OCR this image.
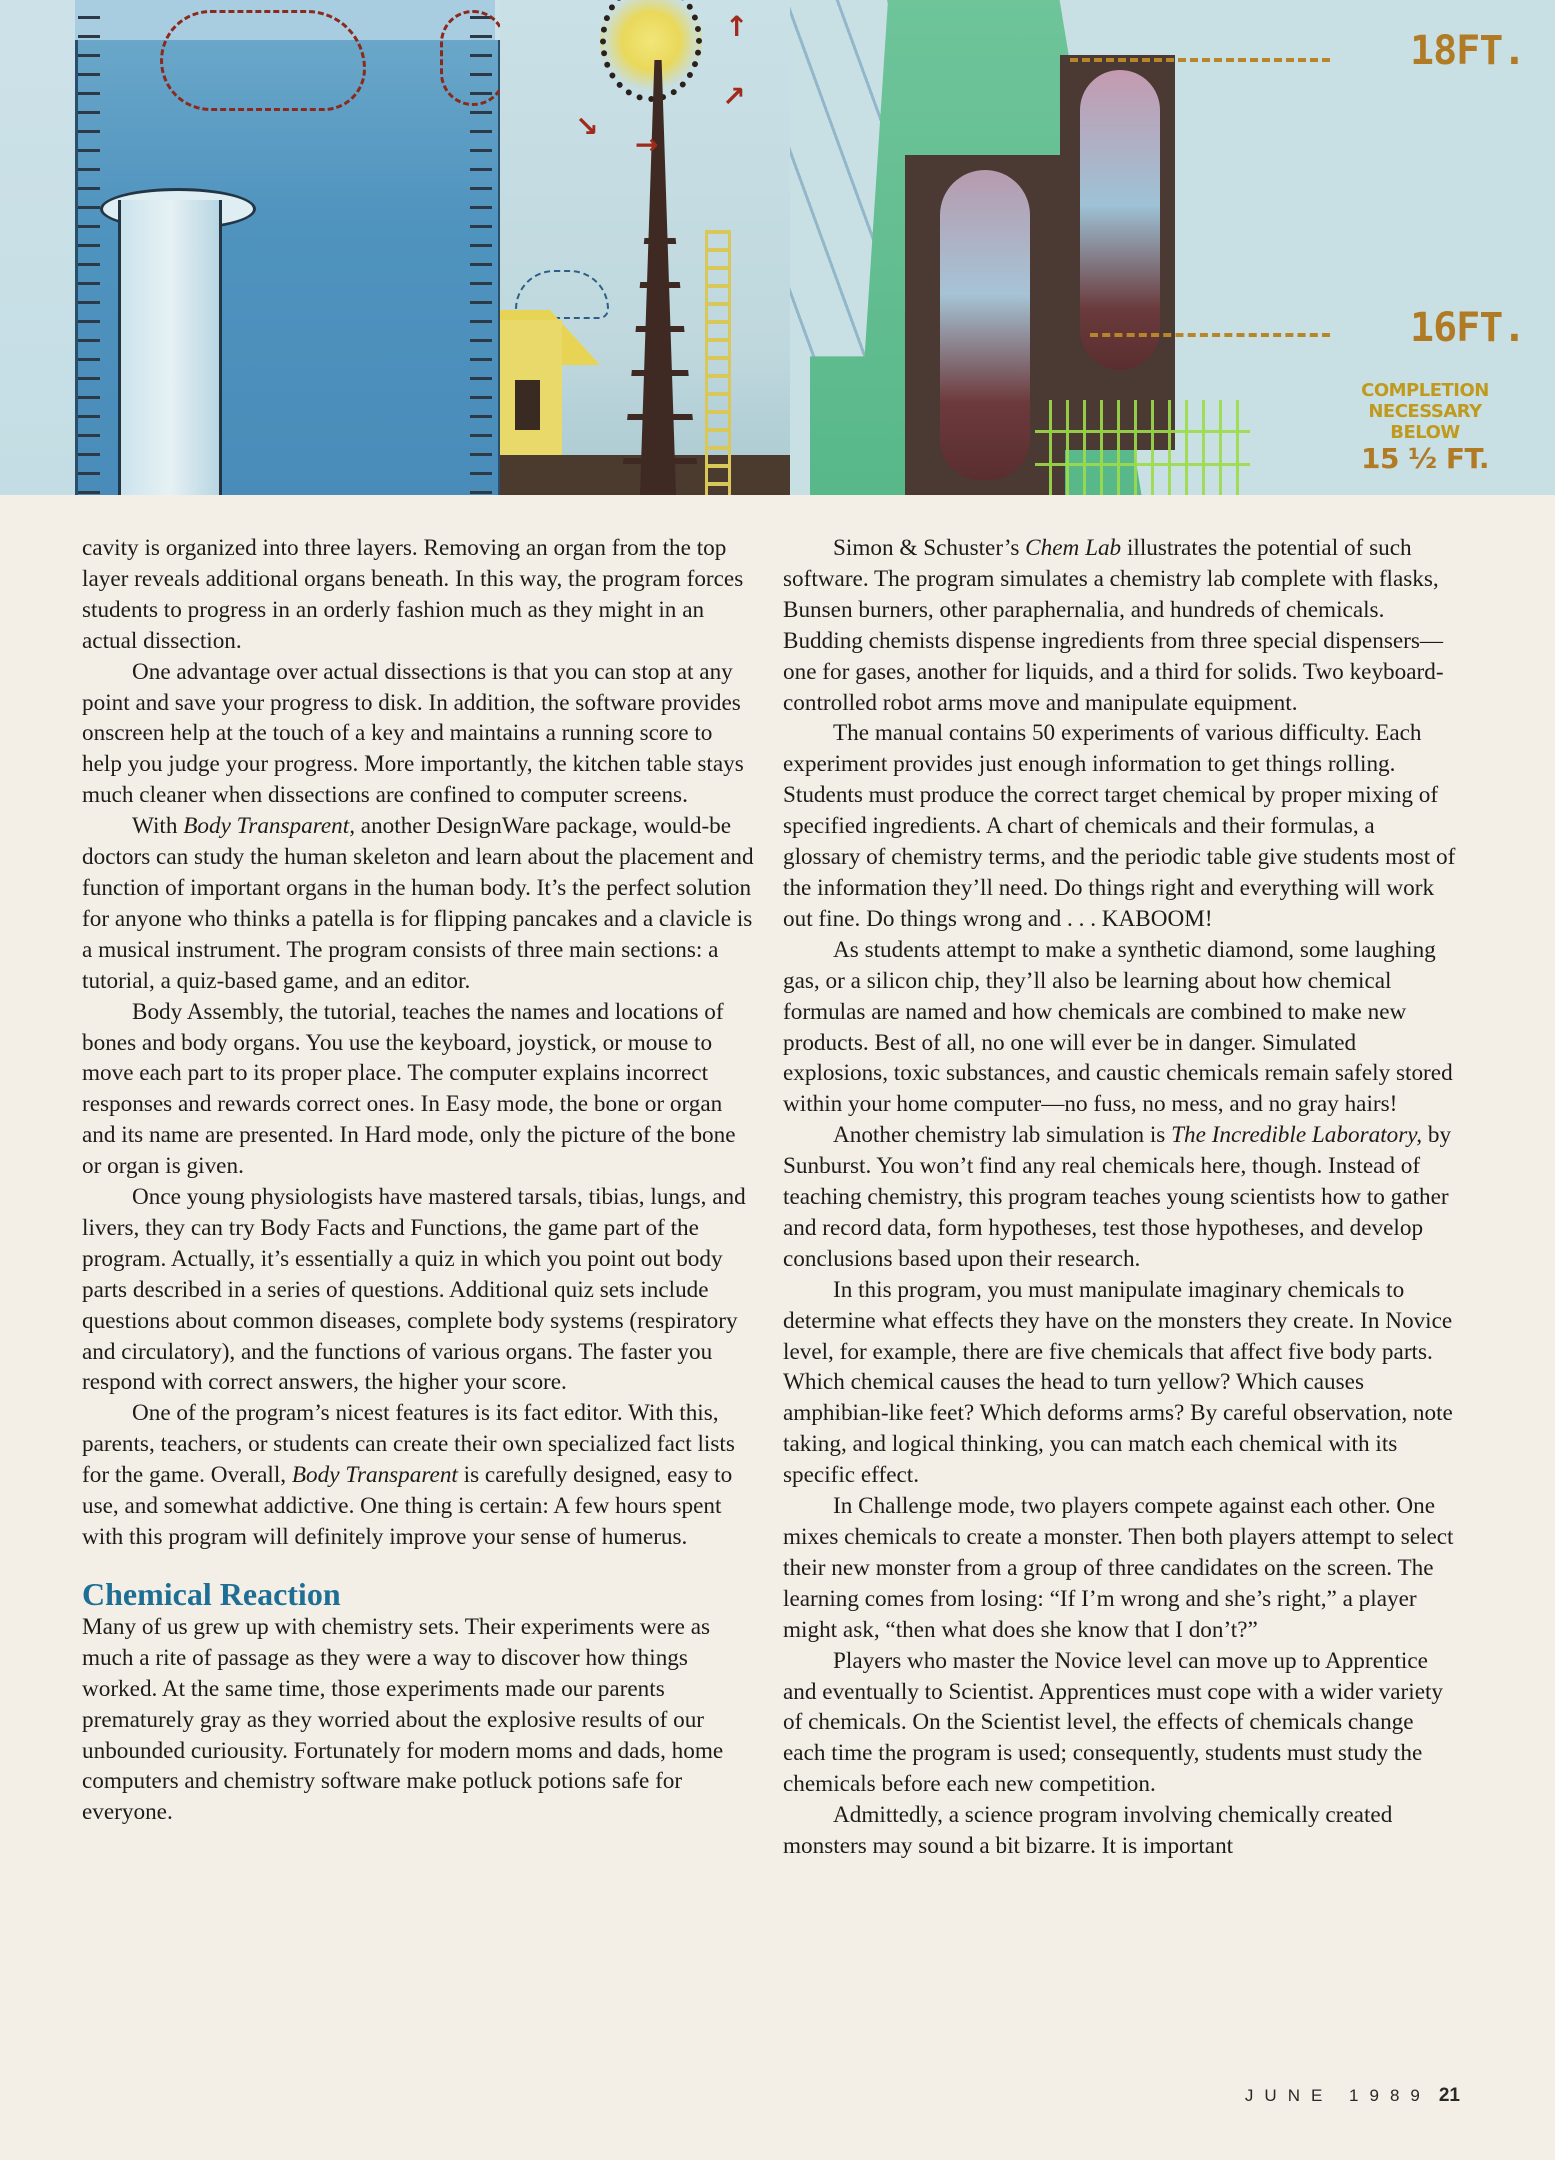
↑
↗
↘
→
18FT.
16FT.
COMPLETION
NECESSARY
BELOW
15 ½ FT.

cavity is organized into three layers. Removing an organ from the top layer reveals additional organs beneath. In this way, the program forces students to progress in an orderly fashion much as they might in an actual dissection.

One advantage over actual dissections is that you can stop at any point and save your progress to disk. In addition, the software provides onscreen help at the touch of a key and maintains a running score to help you judge your progress. More importantly, the kitchen table stays much cleaner when dissections are confined to computer screens.

With Body Transparent, another DesignWare package, would-be doctors can study the human skeleton and learn about the placement and function of important organs in the human body. It’s the perfect solution for anyone who thinks a patella is for flipping pancakes and a clavicle is a musical instrument. The program consists of three main sections: a tutorial, a quiz-based game, and an editor.

Body Assembly, the tutorial, teaches the names and locations of bones and body organs. You use the keyboard, joystick, or mouse to move each part to its proper place. The computer explains incorrect responses and rewards correct ones. In Easy mode, the bone or organ and its name are presented. In Hard mode, only the picture of the bone or organ is given.

Once young physiologists have mastered tarsals, tibias, lungs, and livers, they can try Body Facts and Functions, the game part of the program. Actually, it’s essentially a quiz in which you point out body parts described in a series of questions. Additional quiz sets include questions about common diseases, complete body systems (respiratory and circulatory), and the functions of various organs. The faster you respond with correct answers, the higher your score.

One of the program’s nicest features is its fact editor. With this, parents, teachers, or students can create their own specialized fact lists for the game. Overall, Body Transparent is carefully designed, easy to use, and somewhat addictive. One thing is certain: A few hours spent with this program will definitely improve your sense of humerus.

Chemical Reaction

Many of us grew up with chemistry sets. Their experiments were as much a rite of passage as they were a way to discover how things worked. At the same time, those experiments made our parents prematurely gray as they worried about the explosive results of our unbounded curiousity. Fortunately for modern moms and dads, home computers and chemistry software make potluck potions safe for everyone.

Simon & Schuster’s Chem Lab illustrates the potential of such software. The program simulates a chemistry lab complete with flasks, Bunsen burners, other paraphernalia, and hundreds of chemicals. Budding chemists dispense ingredients from three special dispensers—one for gases, another for liquids, and a third for solids. Two keyboard-controlled robot arms move and manipulate equipment.

The manual contains 50 experiments of various difficulty. Each experiment provides just enough information to get things rolling. Students must produce the correct target chemical by proper mixing of specified ingredients. A chart of chemicals and their formulas, a glossary of chemistry terms, and the periodic table give students most of the information they’ll need. Do things right and everything will work out fine. Do things wrong and . . . KABOOM!

As students attempt to make a synthetic diamond, some laughing gas, or a silicon chip, they’ll also be learning about how chemical formulas are named and how chemicals are combined to make new products. Best of all, no one will ever be in danger. Simulated explosions, toxic substances, and caustic chemicals remain safely stored within your home computer—no fuss, no mess, and no gray hairs!

Another chemistry lab simulation is The Incredible Laboratory, by Sunburst. You won’t find any real chemicals here, though. Instead of teaching chemistry, this program teaches young scientists how to gather and record data, form hypotheses, test those hypotheses, and develop conclusions based upon their research.

In this program, you must manipulate imaginary chemicals to determine what effects they have on the monsters they create. In Novice level, for example, there are five chemicals that affect five body parts. Which chemical causes the head to turn yellow? Which causes amphibian-like feet? Which deforms arms? By careful observation, note taking, and logical thinking, you can match each chemical with its specific effect.

In Challenge mode, two players compete against each other. One mixes chemicals to create a monster. Then both players attempt to select their new monster from a group of three candidates on the screen. The learning comes from losing: “If I’m wrong and she’s right,” a player might ask, “then what does she know that I don’t?”

Players who master the Novice level can move up to Apprentice and eventually to Scientist. Apprentices must cope with a wider variety of chemicals. On the Scientist level, the effects of chemicals change each time the program is used; consequently, students must study the chemicals before each new competition.

Admittedly, a science program involving chemically created monsters may sound a bit bizarre. It is important

JUNE 1989 21
